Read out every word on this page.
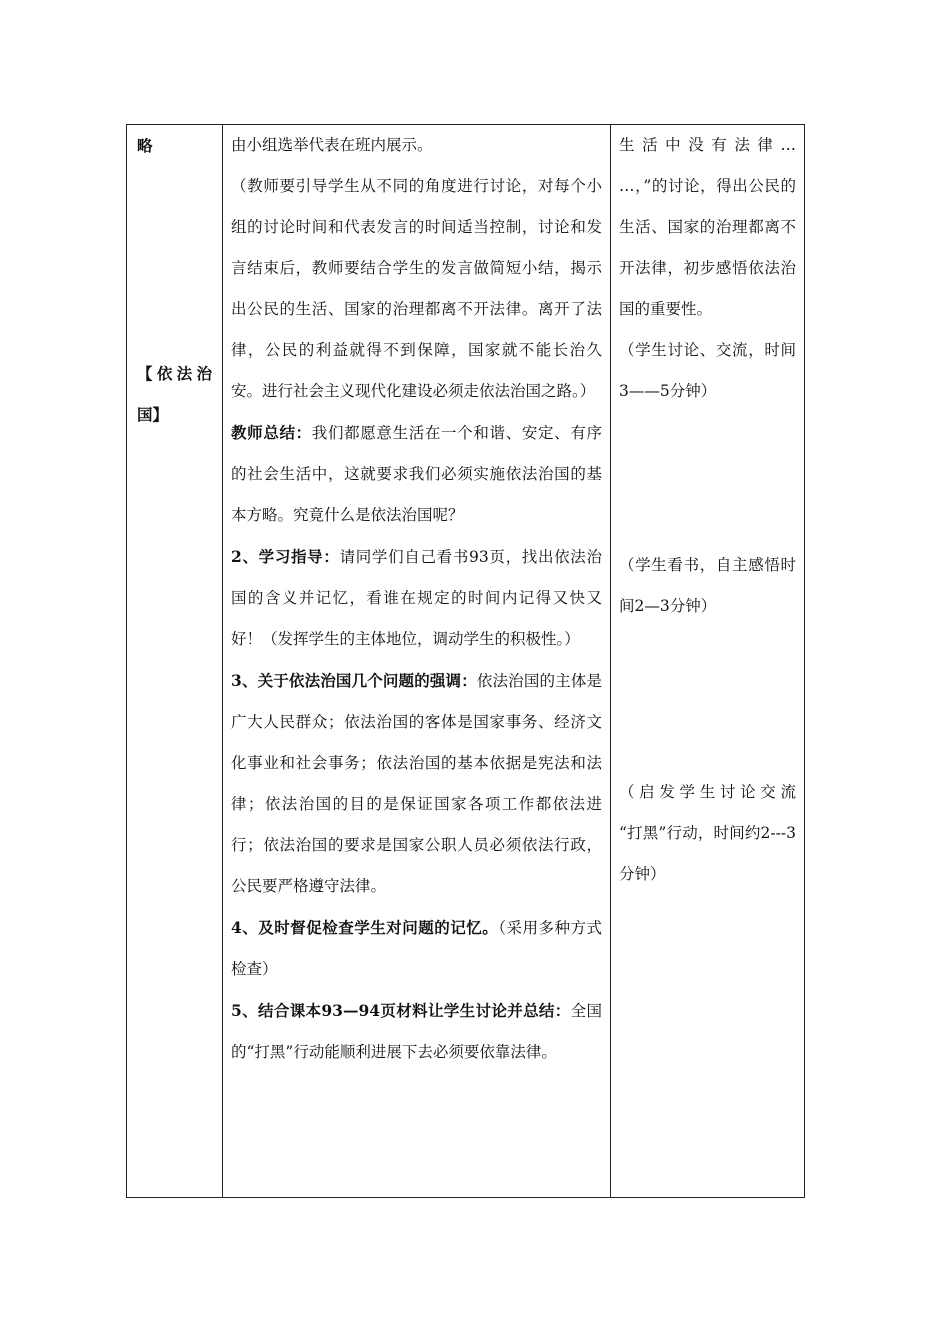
略
【依法治
国】

由小组选举代表在班内展示。

（教师要引导学生从不同的角度进行讨论，对每个小组的讨论时间和代表发言的时间适当控制，讨论和发言结束后，教师要结合学生的发言做简短小结，揭示出公民的生活、国家的治理都离不开法律。离开了法律，公民的利益就得不到保障，国家就不能长治久安。进行社会主义现代化建设必须走依法治国之路。）

教师总结：我们都愿意生活在一个和谐、安定、有序的社会生活中，这就要求我们必须实施依法治国的基本方略。究竟什么是依法治国呢？

2、学习指导：请同学们自己看书93页，找出依法治国的含义并记忆，看谁在规定的时间内记得又快又好！（发挥学生的主体地位，调动学生的积极性。）

3、关于依法治国几个问题的强调：依法治国的主体是广大人民群众；依法治国的客体是国家事务、经济文化事业和社会事务；依法治国的基本依据是宪法和法律；依法治国的目的是保证国家各项工作都依法进行；依法治国的要求是国家公职人员必须依法行政，公民要严格遵守法律。

4、及时督促检查学生对问题的记忆。（采用多种方式检查）

5、结合课本93—94页材料让学生讨论并总结：全国的“打黑”行动能顺利进展下去必须要依靠法律。

生活中没有法律…

…，”的讨论，得出公民的生活、国家的治理都离不开法律，初步感悟依法治国的重要性。

（学生讨论、交流，时间3——5分钟）

（学生看书，自主感悟时间2—3分钟）

（启发学生讨论交流

“打黑”行动，时间约2---3分钟）
